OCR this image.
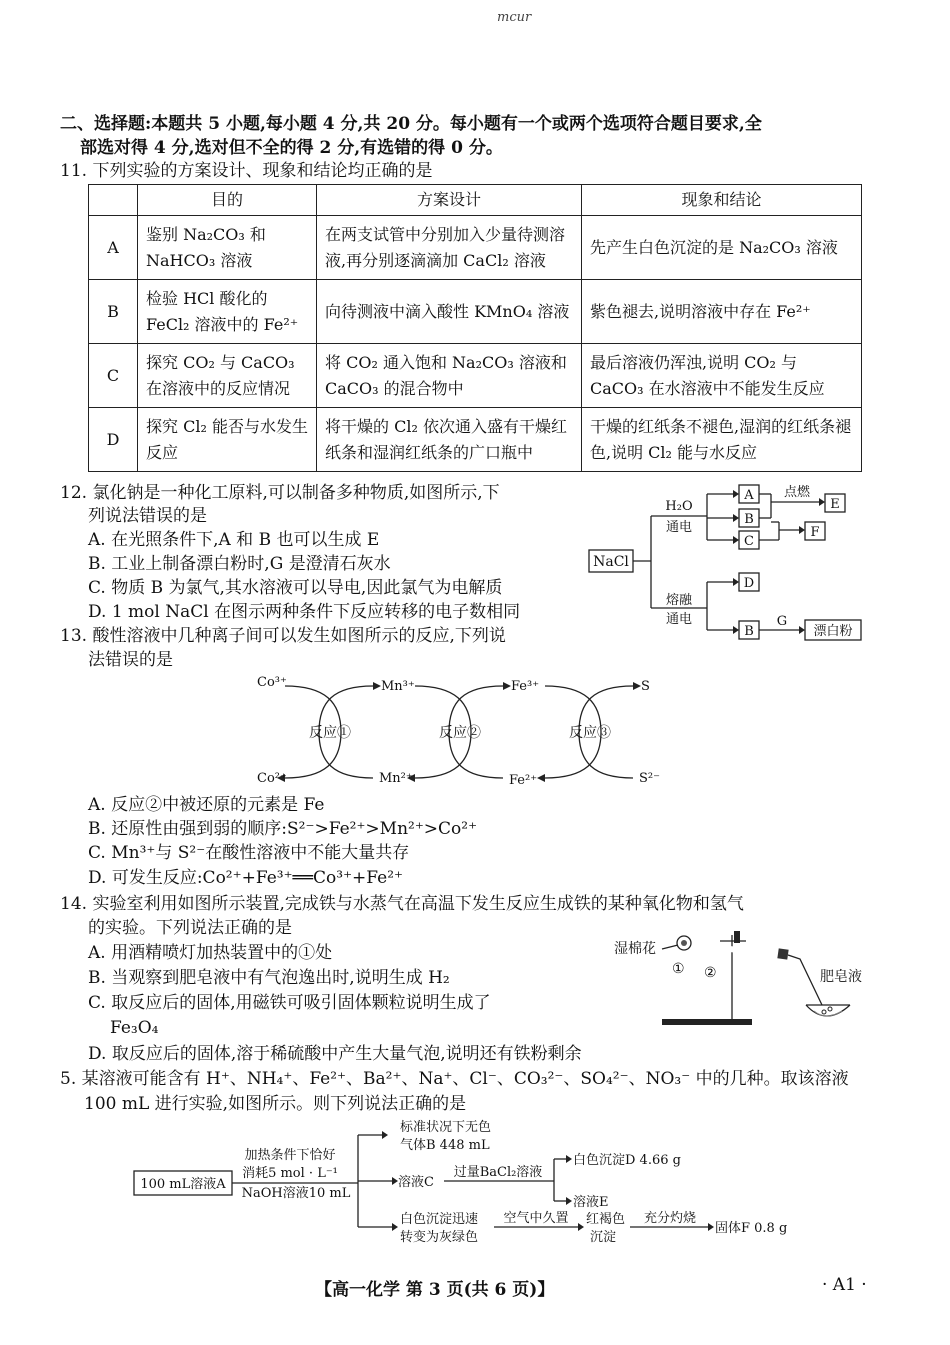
mcur
二、选择题:本题共 5 小题,每小题 4 分,共 20 分。每小题有一个或两个选项符合题目要求,全
部选对得 4 分,选对但不全的得 2 分,有选错的得 0 分。
11. 下列实验的方案设计、现象和结论均正确的是
	目的	方案设计	现象和结论
A	鉴别 Na₂CO₃ 和 NaHCO₃ 溶液	在两支试管中分别加入少量待测溶液,再分别逐滴滴加 CaCl₂ 溶液	先产生白色沉淀的是 Na₂CO₃ 溶液
B	检验 HCl 酸化的 FeCl₂ 溶液中的 Fe²⁺	向待测液中滴入酸性 KMnO₄ 溶液	紫色褪去,说明溶液中存在 Fe²⁺
C	探究 CO₂ 与 CaCO₃ 在溶液中的反应情况	将 CO₂ 通入饱和 Na₂CO₃ 溶液和 CaCO₃ 的混合物中	最后溶液仍浑浊,说明 CO₂ 与 CaCO₃ 在水溶液中不能发生反应
D	探究 Cl₂ 能否与水发生反应	将干燥的 Cl₂ 依次通入盛有干燥红纸条和湿润红纸条的广口瓶中	干燥的红纸条不褪色,湿润的红纸条褪色,说明 Cl₂ 能与水反应
12. 氯化钠是一种化工原料,可以制备多种物质,如图所示,下
列说法错误的是
A. 在光照条件下,A 和 B 也可以生成 E
B. 工业上制备漂白粉时,G 是澄清石灰水
C. 物质 B 为氯气,其水溶液可以导电,因此氯气为电解质
D. 1 mol NaCl 在图示两种条件下反应转移的电子数相同
NaCl
H₂O
通电
熔融
通电
A
B
C
点燃
E
F
D
B
G
漂白粉
13. 酸性溶液中几种离子间可以发生如图所示的反应,下列说
法错误的是
Co³⁺	Mn³⁺	Fe³⁺	S
Co²⁺	Mn²⁺	Fe²⁺	S²⁻
反应①	反应②	反应③
A. 反应②中被还原的元素是 Fe
B. 还原性由强到弱的顺序:S²⁻>Fe²⁺>Mn²⁺>Co²⁺
C. Mn³⁺与 S²⁻在酸性溶液中不能大量共存
D. 可发生反应:Co²⁺+Fe³⁺══Co³⁺+Fe²⁺
14. 实验室利用如图所示装置,完成铁与水蒸气在高温下发生反应生成铁的某种氧化物和氢气
的实验。下列说法正确的是
A. 用酒精喷灯加热装置中的①处
B. 当观察到肥皂液中有气泡逸出时,说明生成 H₂
C. 取反应后的固体,用磁铁可吸引固体颗粒说明生成了
Fe₃O₄
D. 取反应后的固体,溶于稀硫酸中产生大量气泡,说明还有铁粉剩余
湿棉花
肥皂液
① ②
5. 某溶液可能含有 H⁺、NH₄⁺、Fe²⁺、Ba²⁺、Na⁺、Cl⁻、CO₃²⁻、SO₄²⁻、NO₃⁻ 中的几种。取该溶液
100 mL 进行实验,如图所示。则下列说法正确的是
100 mL溶液A
加热条件下恰好
消耗5 mol · L⁻¹
NaOH溶液10 mL
标准状况下无色
气体B 448 mL
溶液C
过量BaCl₂溶液
白色沉淀D 4.66 g
溶液E
白色沉淀迅速
转变为灰绿色
空气中久置 红褐色
沉淀
充分灼烧
固体F 0.8 g
【高一化学 第 3 页(共 6 页)】	· A1 ·
